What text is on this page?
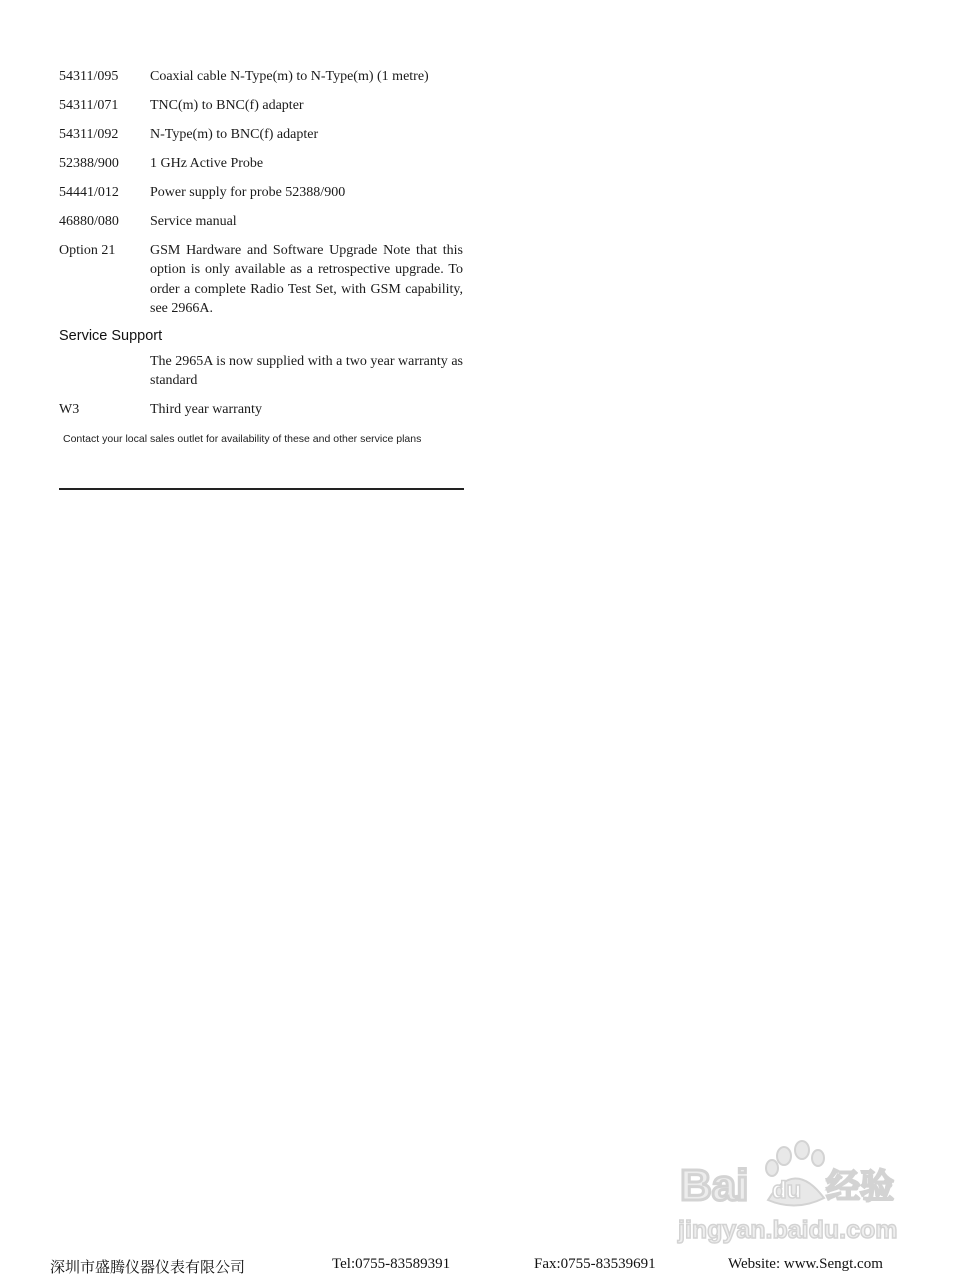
54311/095	Coaxial cable N-Type(m) to N-Type(m) (1 metre)
54311/071	TNC(m) to BNC(f) adapter
54311/092	N-Type(m) to BNC(f) adapter
52388/900	1 GHz Active Probe
54441/012	Power supply for probe 52388/900
46880/080	Service manual
Option 21	GSM Hardware and Software Upgrade Note that this option is only available as a retrospective upgrade. To order a complete Radio Test Set, with GSM capability, see 2966A.
Service Support
The 2965A is now supplied with a two year warranty as standard
W3	Third year warranty
Contact your local sales outlet for availability of these and other service plans
Bai du 经验
jingyan.baidu.com
深圳市盛腾仪器仪表有限公司	Tel:0755-83589391	Fax:0755-83539691	Website: www.Sengt.com
